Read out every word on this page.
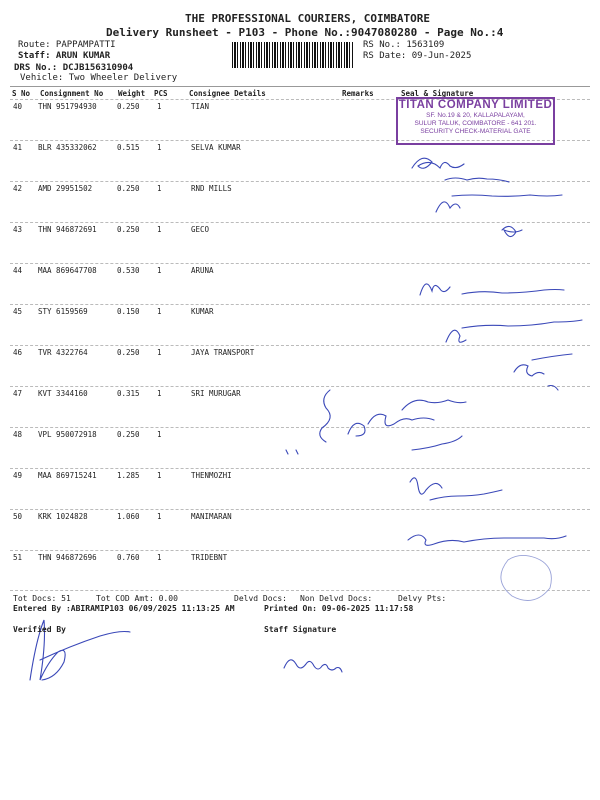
THE PROFESSIONAL COURIERS, COIMBATORE
Delivery Runsheet - P103 - Phone No.:9047080280 - Page No.:4
Route: PAPPAMPATTI
Staff: ARUN KUMAR
DRS No.: DCJB156310904
Vehicle: Two Wheeler Delivery
RS No.: 1563109
RS Date: 09-Jun-2025
S No Consignment No Weight PCS	Consignee Details	Remarks	Seal & Signature
40 THN 951794930	0.250 1	TIAN
41 BLR 435332062	0.515 1	SELVA KUMAR
42 AMD 29951502	0.250 1	RND MILLS
43 THN 946872691	0.250 1	GECO
44 MAA 869647708	0.530 1	ARUNA
45 STY 6159569	0.150 1	KUMAR
46 TVR 4322764	0.250 1	JAYA TRANSPORT
47 KVT 3344160	0.315 1	SRI MURUGAR
48 VPL 950072918	0.250 1
49 MAA 869715241	1.285 1	THENMOZHI
50 KRK 1024828	1.060 1	MANIMARAN
51 THN 946872696	0.760 1	TRIDEBNT
TITAN COMPANY LIMITED
SF. No.19 & 20, KALLAPALAYAM,
SULUR TALUK, COIMBATORE - 641 201.
SECURITY CHECK-MATERIAL GATE
Tot Docs: 51	Tot COD Amt: 0.00	Delvd Docs: Non Delvd Docs:	Delvy Pts:
Entered By :ABIRAMIP103 06/09/2025 11:13:25 AM	Printed On: 09-06-2025 11:17:58
Verified By	Staff Signature
